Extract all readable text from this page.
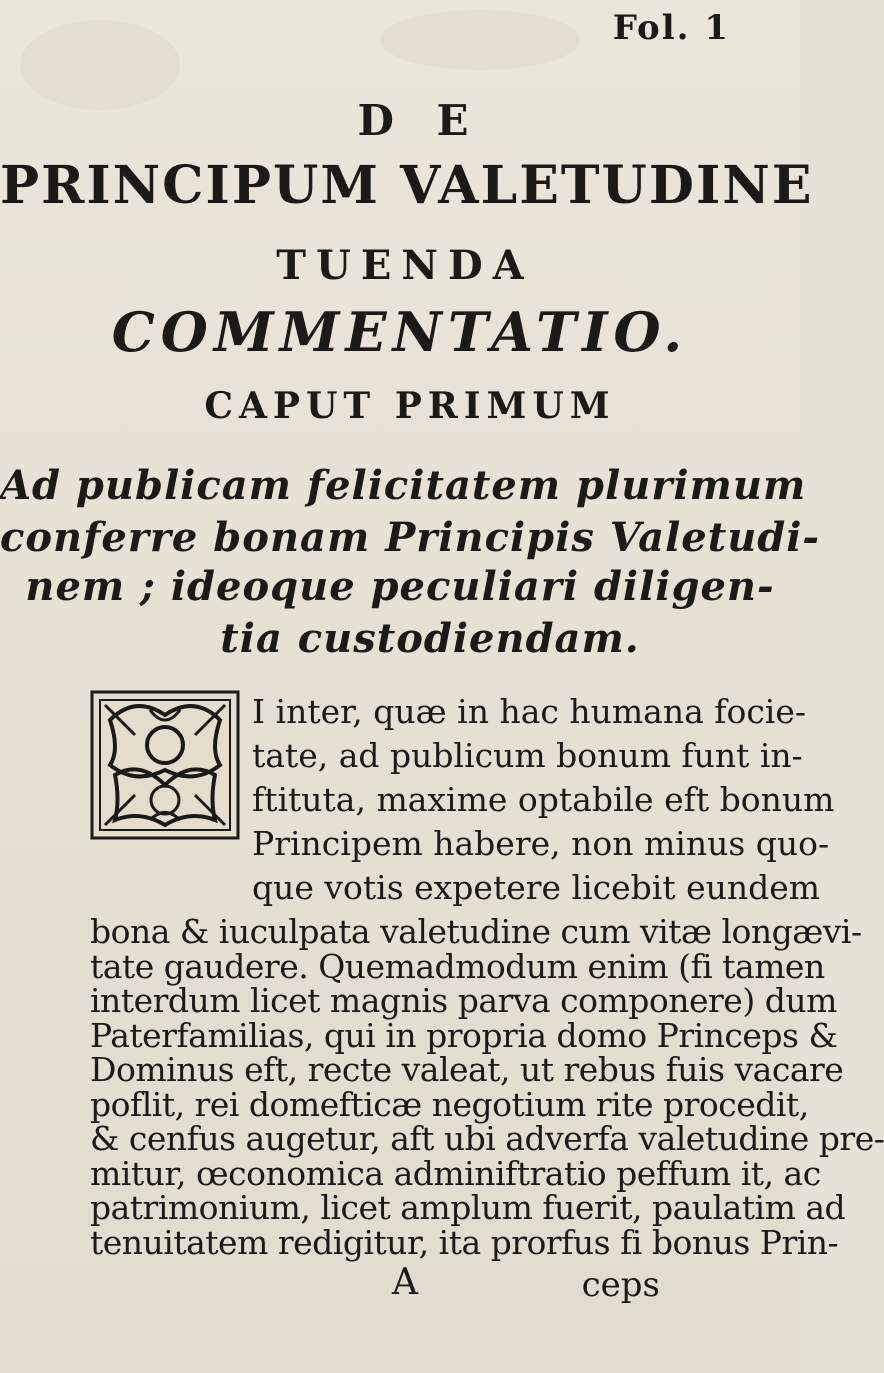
Fol. 1
D E
PRINCIPUM VALETUDINE
TUENDA
COMMENTATIO.
CAPUT PRIMUM
Ad publicam felicitatem plurimum
conferre bonam Principis Valetudi-
nem ; ideoque peculiari diligen-
tia custodiendam.
I inter, quæ in hac humana focie-
tate, ad publicum bonum funt in-
ftituta, maxime optabile eft bonum
Principem habere, non minus quo-
que votis expetere licebit eundem
bona & iuculpata valetudine cum vitæ longævi-
tate gaudere. Quemadmodum enim (fi tamen
interdum licet magnis parva componere) dum
Paterfamilias, qui in propria domo Princeps &
Dominus eft, recte valeat, ut rebus fuis vacare
poflit, rei domefticæ negotium rite procedit,
& cenfus augetur, aft ubi adverfa valetudine pre-
mitur, œconomica adminiftratio peffum it, ac
patrimonium, licet amplum fuerit, paulatim ad
tenuitatem redigitur, ita prorfus fi bonus Prin-
A	ceps
